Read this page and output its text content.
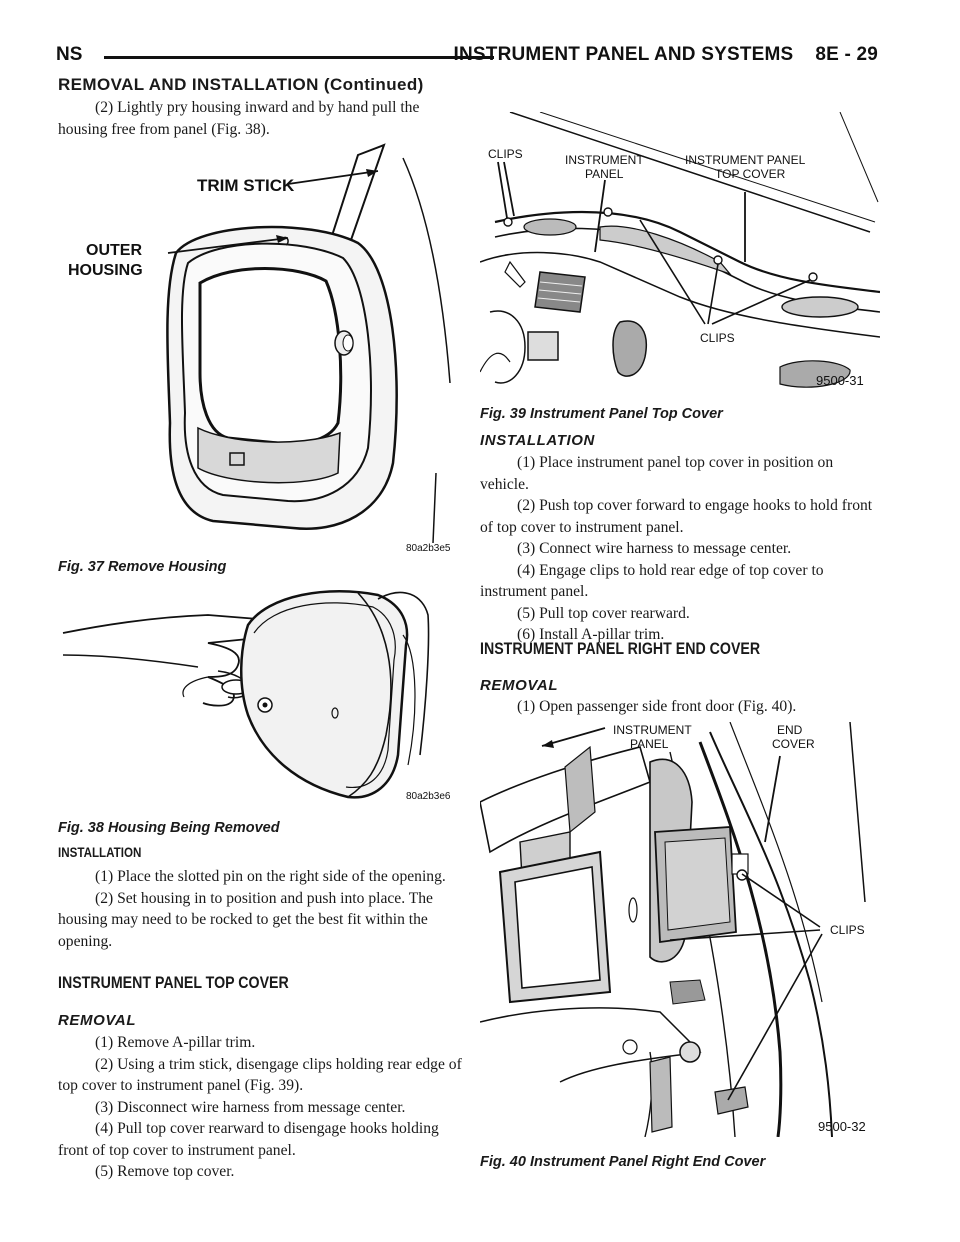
NS	INSTRUMENT PANEL AND SYSTEMS 8E - 29
REMOVAL AND INSTALLATION (Continued)

(2) Lightly pry housing inward and by hand pull the housing free from panel (Fig. 38).

TRIM STICK
OUTER
HOUSING
80a2b3e5
Fig. 37 Remove Housing
80a2b3e6
Fig. 38 Housing Being Removed
INSTALLATION

(1) Place the slotted pin on the right side of the opening.

(2) Set housing in to position and push into place. The housing may need to be rocked to get the best fit within the opening.

INSTRUMENT PANEL TOP COVER
REMOVAL

(1) Remove A-pillar trim.

(2) Using a trim stick, disengage clips holding rear edge of top cover to instrument panel (Fig. 39).

(3) Disconnect wire harness from message center.

(4) Pull top cover rearward to disengage hooks holding front of top cover to instrument panel.

(5) Remove top cover.

CLIPS	INSTRUMENT
PANEL
INSTRUMENT PANEL
TOP COVER
CLIPS
9500-31
Fig. 39 Instrument Panel Top Cover
INSTALLATION

(1) Place instrument panel top cover in position on vehicle.

(2) Push top cover forward to engage hooks to hold front of top cover to instrument panel.

(3) Connect wire harness to message center.

(4) Engage clips to hold rear edge of top cover to instrument panel.

(5) Pull top cover rearward.

(6) Install A-pillar trim.

INSTRUMENT PANEL RIGHT END COVER
REMOVAL

(1) Open passenger side front door (Fig. 40).

INSTRUMENT
PANEL
END
COVER
CLIPS
9500-32
Fig. 40 Instrument Panel Right End Cover
